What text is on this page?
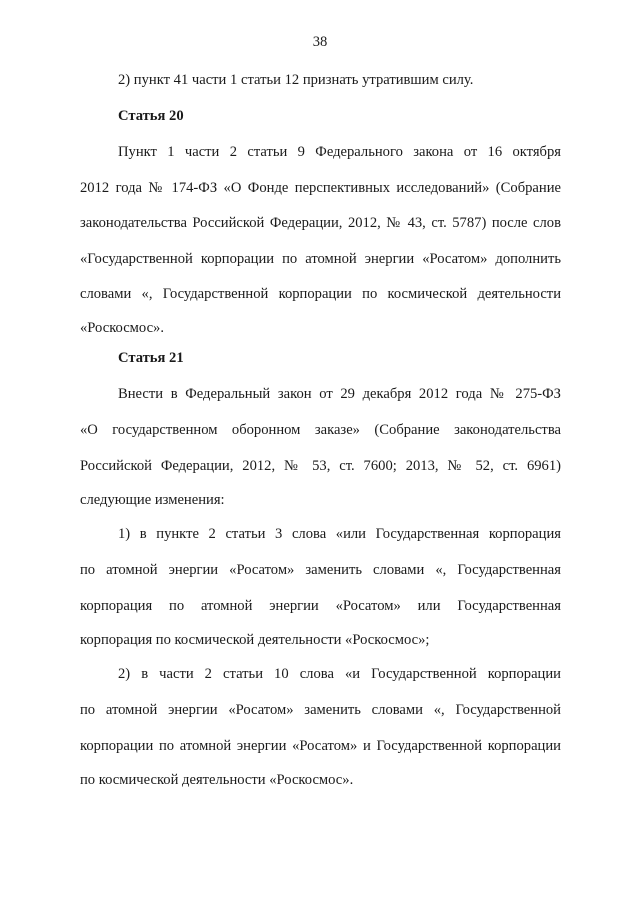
38
2) пункт 41 части 1 статьи 12 признать утратившим силу.
Статья 20
Пункт 1 части 2 статьи 9 Федерального закона от 16 октября
2012 года № 174-ФЗ «О Фонде перспективных исследований» (Собрание
законодательства Российской Федерации, 2012, № 43, ст. 5787) после слов
«Государственной корпорации по атомной энергии «Росатом» дополнить
словами «, Государственной корпорации по космической деятельности
«Роскосмос».
Статья 21
Внести в Федеральный закон от 29 декабря 2012 года № 275-ФЗ
«О государственном оборонном заказе» (Собрание законодательства
Российской Федерации, 2012, № 53, ст. 7600; 2013, № 52, ст. 6961)
следующие изменения:
1) в пункте 2 статьи 3 слова «или Государственная корпорация
по атомной энергии «Росатом» заменить словами «, Государственная
корпорация по атомной энергии «Росатом» или Государственная
корпорация по космической деятельности «Роскосмос»;
2) в части 2 статьи 10 слова «и Государственной корпорации
по атомной энергии «Росатом» заменить словами «, Государственной
корпорации по атомной энергии «Росатом» и Государственной корпорации
по космической деятельности «Роскосмос».
